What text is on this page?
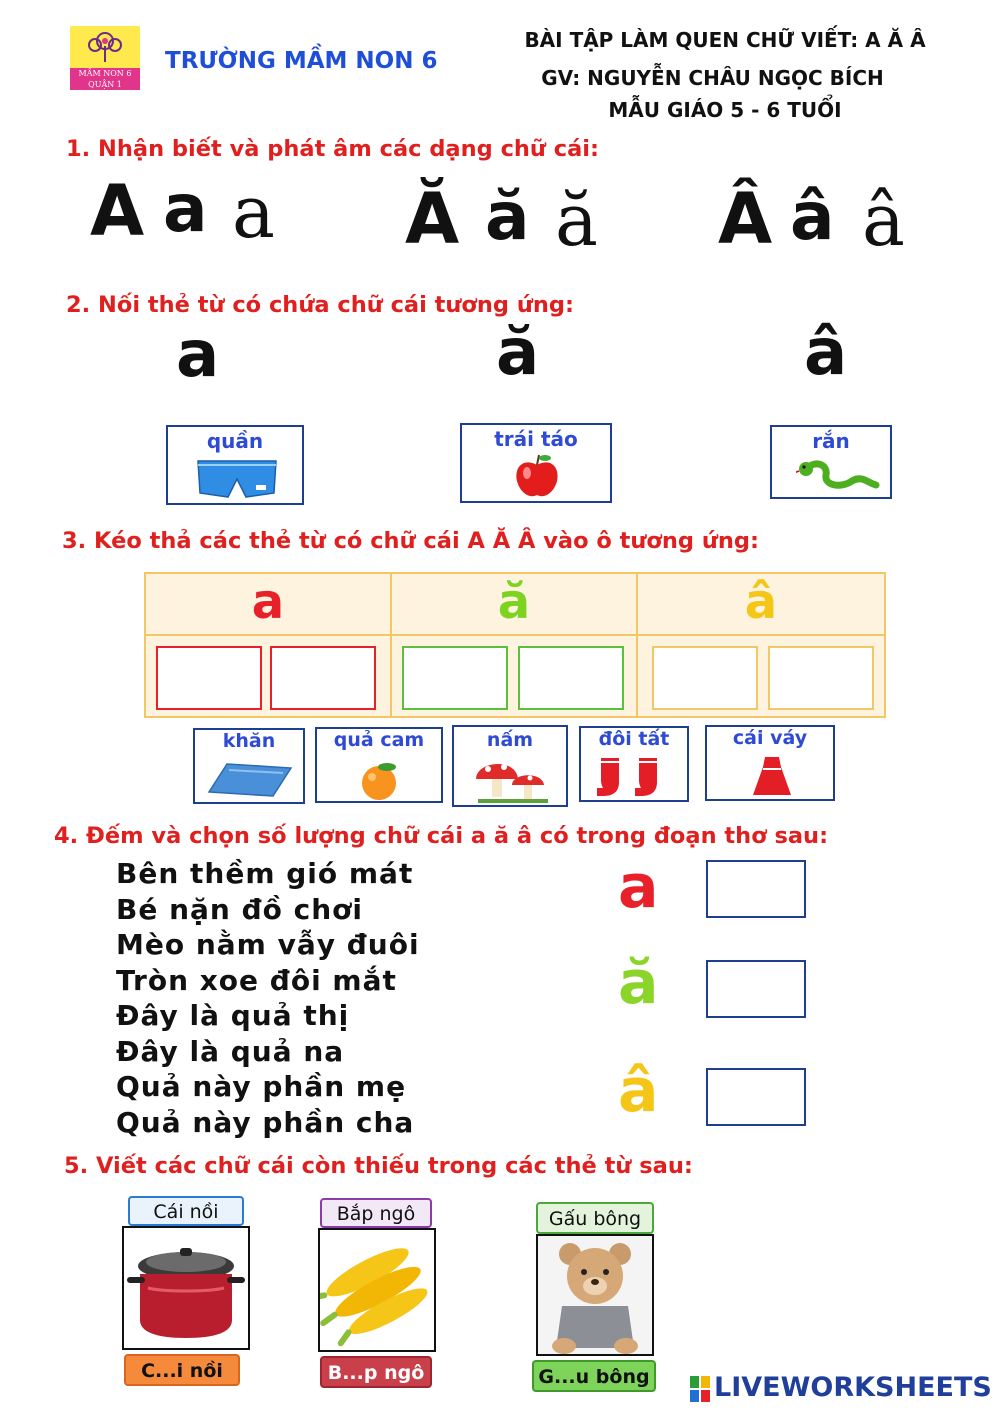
MẦM NON 6
QUẬN 1
TRƯỜNG MẦM NON 6
BÀI TẬP LÀM QUEN CHỮ VIẾT: A Ă Â
GV: NGUYỄN CHÂU NGỌC BÍCH
MẪU GIÁO 5 - 6 TUỔI
1. Nhận biết và phát âm các dạng chữ cái:
A a a Ă ă ă Â â â
2. Nối thẻ từ có chứa chữ cái tương ứng:
a	ă	â
quần	trái táo	rắn
3. Kéo thả các thẻ từ có chữ cái A Ă Â vào ô tương ứng:
a	ă	â
khăn	quả cam	nấm	đôi tất	cái váy
4. Đếm và chọn số lượng chữ cái a ă â có trong đoạn thơ sau:
Bên thềm gió mát
Bé nặn đồ chơi
Mèo nằm vẫy đuôi
Tròn xoe đôi mắt
Đây là quả thị
Đây là quả na
Quả này phần mẹ
Quả này phần cha
a
ă
â
5. Viết các chữ cái còn thiếu trong các thẻ từ sau:
Cái nồi
C...i nồi
Bắp ngô
B...p ngô
Gấu bông
G...u bông LIVEWORKSHEETS
